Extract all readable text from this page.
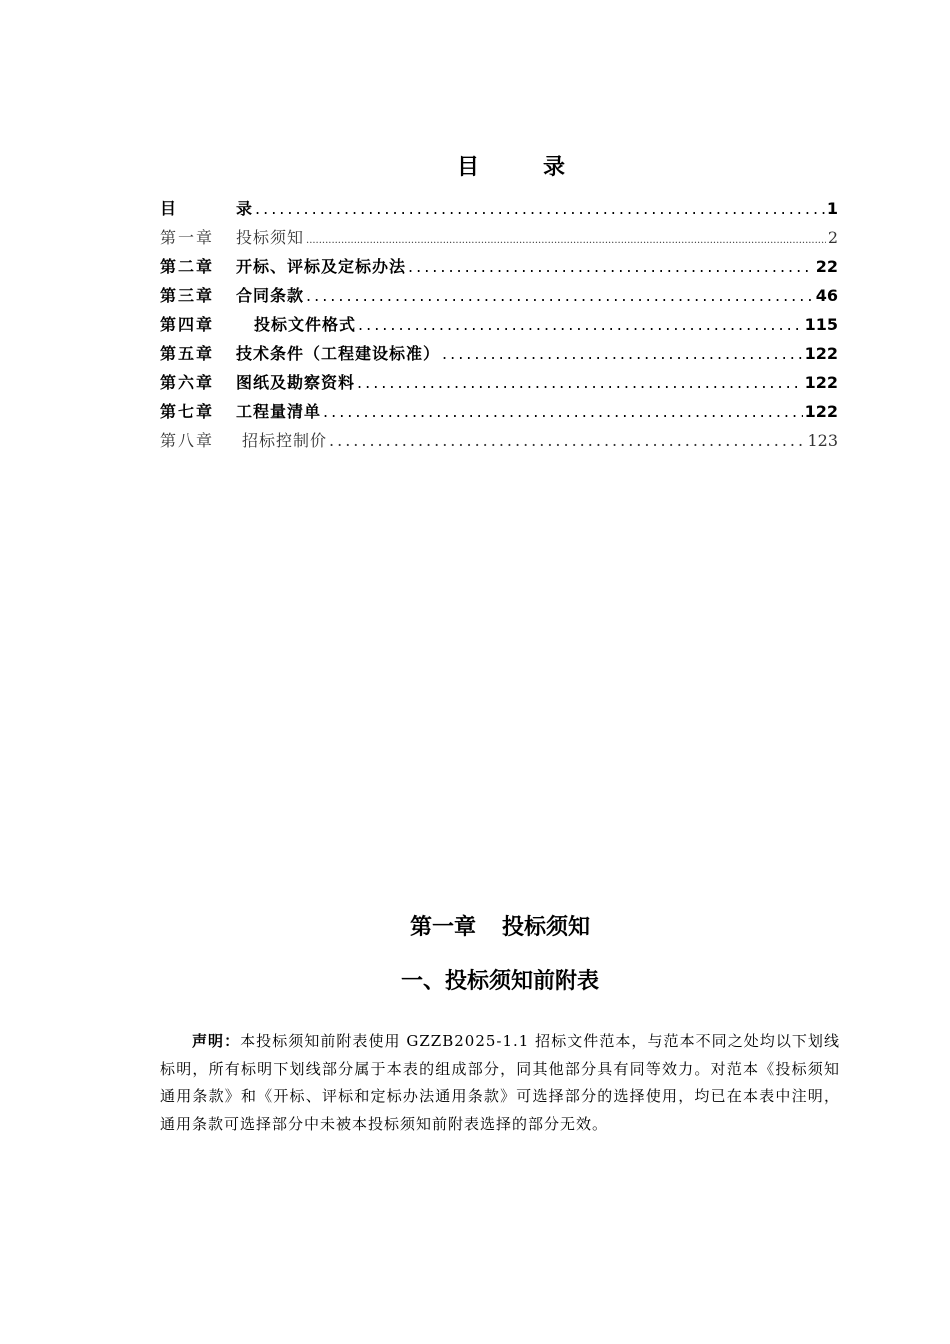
目	录
目	录 .....	1
第一章	投标须知 .....	2
第二章	开标、评标及定标办法 .....	22
第三章	合同条款 .....	46
第四章	投标文件格式 .....	115
第五章	技术条件（工程建设标准） .....	122
第六章	图纸及勘察资料 .....	122
第七章	工程量清单 .....	122
第八章	招标控制价 .....	123
第一章 投标须知
一、投标须知前附表

声明：本投标须知前附表使用 GZZB2025-1.1 招标文件范本，与范本不同之处均以下划线标明，所有标明下划线部分属于本表的组成部分，同其他部分具有同等效力。对范本《投标须知通用条款》和《开标、评标和定标办法通用条款》可选择部分的选择使用，均已在本表中注明，通用条款可选择部分中未被本投标须知前附表选择的部分无效。
